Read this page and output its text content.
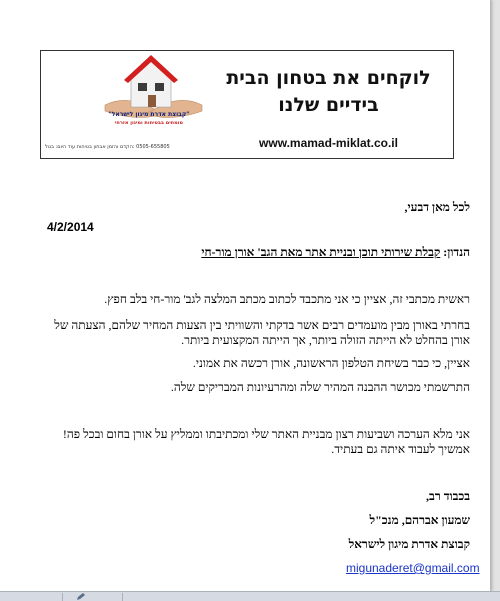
"קבוצת אדרת מיגון לישראל"
מומחים בבטיחות ומיגון אזרחי
לוקחים את בטחון הבית
בידיים שלנו
www.mamad-miklat.co.il
0505-655805 :הקדם והזמן אבחון בטיחות עוד היום: בטל
לכל מאן דבעי,
4/2/2014
הנדון: קבלת שירותי תוכן ובניית אתר מאת הגב' אורן מור-חי
ראשית מכתבי זה, אציין כי אני מתכבד לכתוב מכתב המלצה לגב' מור-חי בלב חפץ.
בחרתי באורן מבין מועמדים רבים אשר בדקתי והשוויתי בין הצעות המחיר שלהם, הצעתה של
אורן בהחלט לא הייתה הזולה ביותר, אך הייתה המקצועית ביותר.
אציין, כי כבר בשיחת הטלפון הראשונה, אורן רכשה את אמוני.
התרשמתי מכושר ההבנה המהיר שלה ומהרעיונות המבריקים שלה.
אני מלא הערכה ושביעות רצון מבניית האתר שלי ומכתיבתו וממליץ על אורן בחום ובכל פה!
אמשיך לעבוד איתה גם בעתיד.
בכבוד רב,
שמעון אברהם, מנכ"ל
קבוצת אדרת מיגון לישראל
migunaderet@gmail.com
